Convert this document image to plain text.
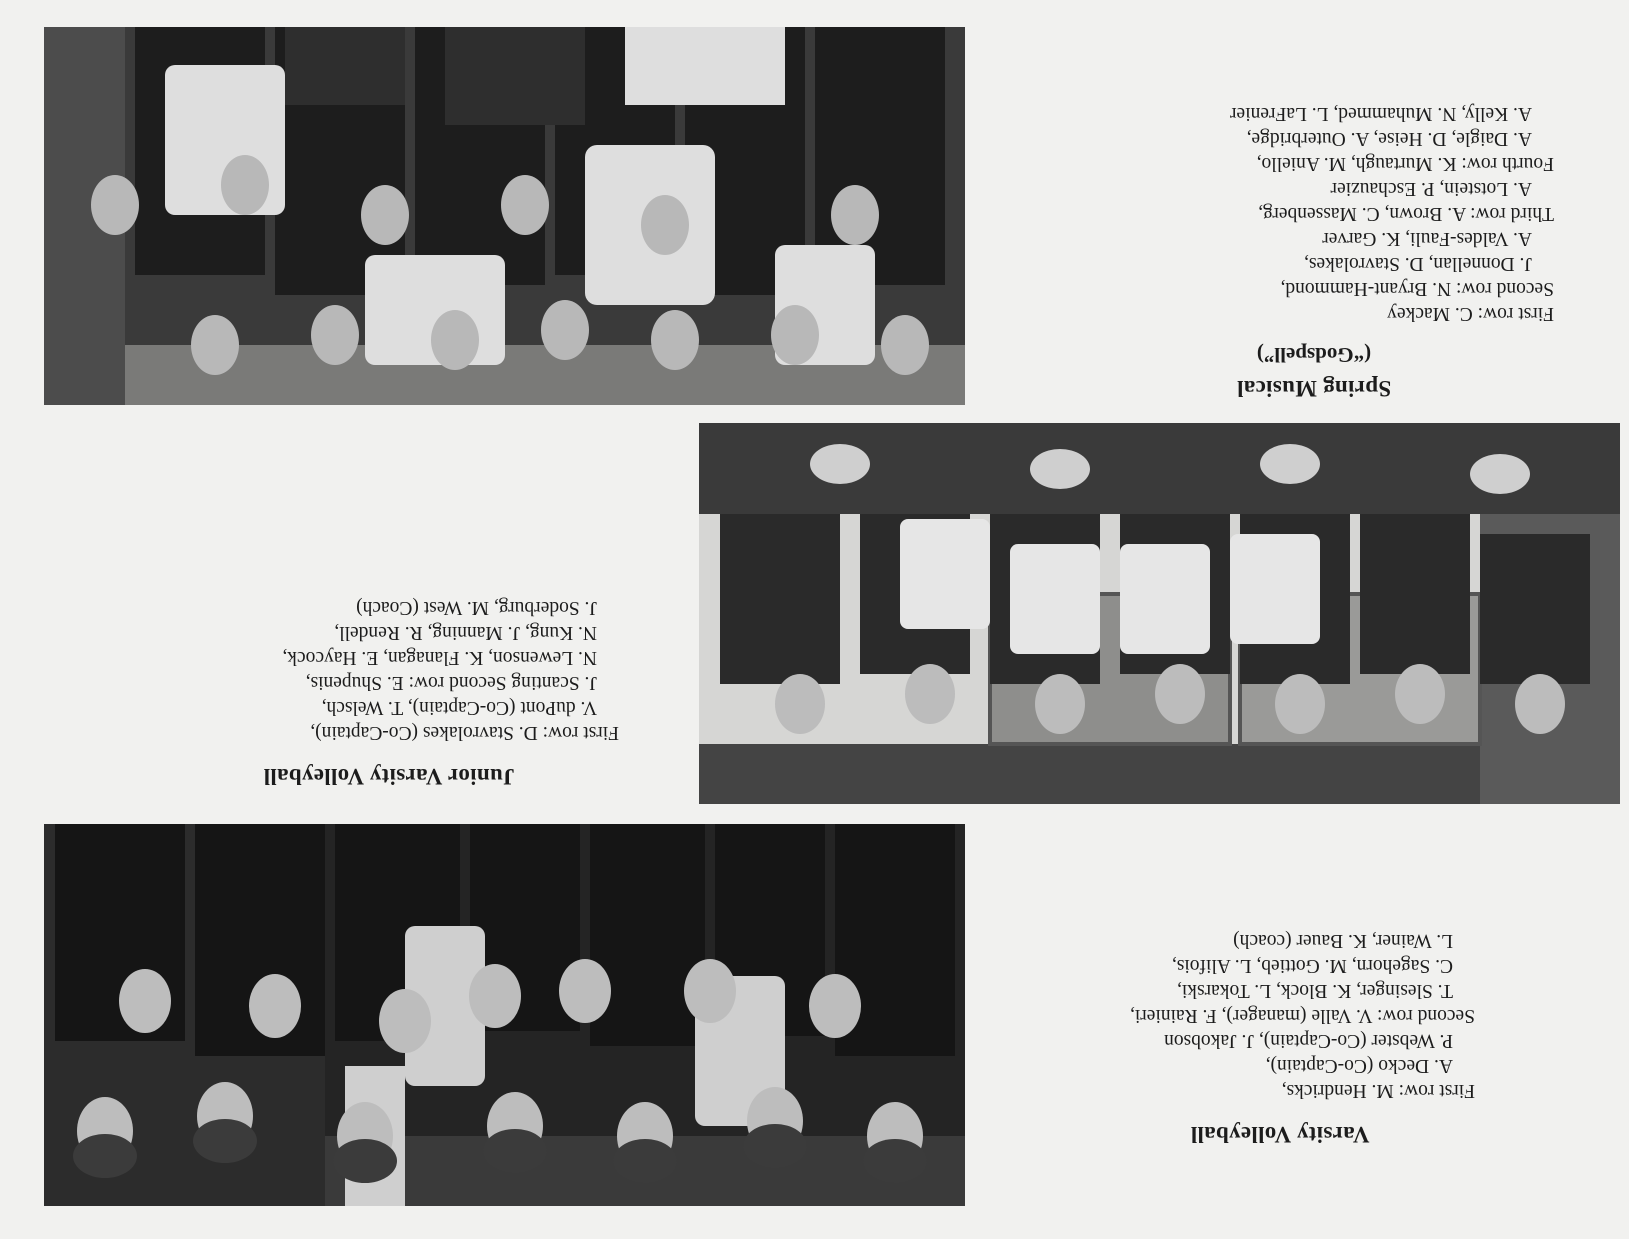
Varsity Volleyball
First row: M. Hendricks,
A. Decko (Co-Captain),
P. Webster (Co-Captain), J. Jakobson
Second row: V. Valle (manager), F. Rainieri,
T. Slesinger, K. Block, L. Tokarski,
C. Sagehorn, M. Gottieb, L. Alifois,
L. Wainer, K. Bauer (coach)
Junior Varsity Volleyball
First row: D. Stavrolakes (Co-Captain),
V. duPont (Co-Captain), T. Welsch,
J. Scanting Second row: E. Shupenis,
N. Lewenson, K. Flanagan, E. Haycock,
N. Kung, J. Manning, R. Rendell,
J. Soderburg, M. West (Coach)
Spring Musical
(“Godspell”)
First row: C. Mackey
Second row: N. Bryant-Hammond,
J. Donnellan, D. Stavrolakes,
A. Valdes-Fauli, K. Garver
Third row: A. Brown, C. Massenberg,
A. Lotstein, P. Eschauzier
Fourth row: K. Murtaugh, M. Aniello,
A. Daigle, D. Heise, A. Outerbridge,
A. Kelly, N. Muhammed, L. LaFrenier
